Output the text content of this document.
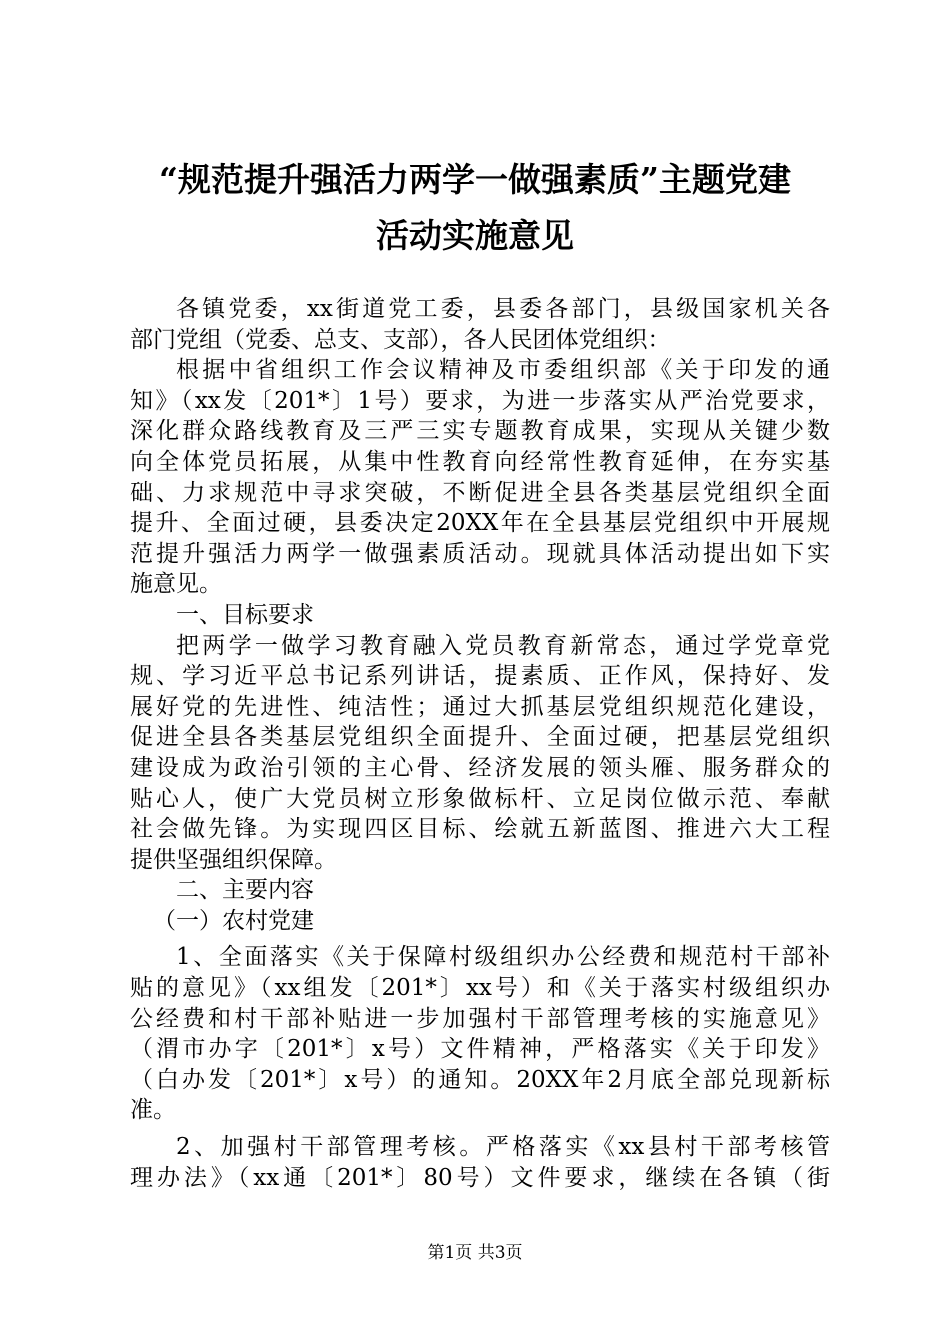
“规范提升强活力两学一做强素质”主题党建
活动实施意见
各镇党委，xx街道党工委，县委各部门，县级国家机关各
部门党组（党委、总支、支部），各人民团体党组织：
根据中省组织工作会议精神及市委组织部《关于印发的通
知》（xx发〔201*〕1号）要求，为进一步落实从严治党要求，
深化群众路线教育及三严三实专题教育成果，实现从关键少数
向全体党员拓展，从集中性教育向经常性教育延伸，在夯实基
础、力求规范中寻求突破，不断促进全县各类基层党组织全面
提升、全面过硬，县委决定20XX年在全县基层党组织中开展规
范提升强活力两学一做强素质活动。现就具体活动提出如下实
施意见。
一、目标要求
把两学一做学习教育融入党员教育新常态，通过学党章党
规、学习近平总书记系列讲话，提素质、正作风，保持好、发
展好党的先进性、纯洁性；通过大抓基层党组织规范化建设，
促进全县各类基层党组织全面提升、全面过硬，把基层党组织
建设成为政治引领的主心骨、经济发展的领头雁、服务群众的
贴心人，使广大党员树立形象做标杆、立足岗位做示范、奉献
社会做先锋。为实现四区目标、绘就五新蓝图、推进六大工程
提供坚强组织保障。
二、主要内容
（一）农村党建
1、全面落实《关于保障村级组织办公经费和规范村干部补
贴的意见》（xx组发〔201*〕xx号）和《关于落实村级组织办
公经费和村干部补贴进一步加强村干部管理考核的实施意见》
（渭市办字〔201*〕x号）文件精神，严格落实《关于印发》
（白办发〔201*〕x号）的通知。20XX年2月底全部兑现新标
准。
2、加强村干部管理考核。严格落实《xx县村干部考核管
理办法》（xx通〔201*〕80号）文件要求，继续在各镇（街
第1页 共3页
